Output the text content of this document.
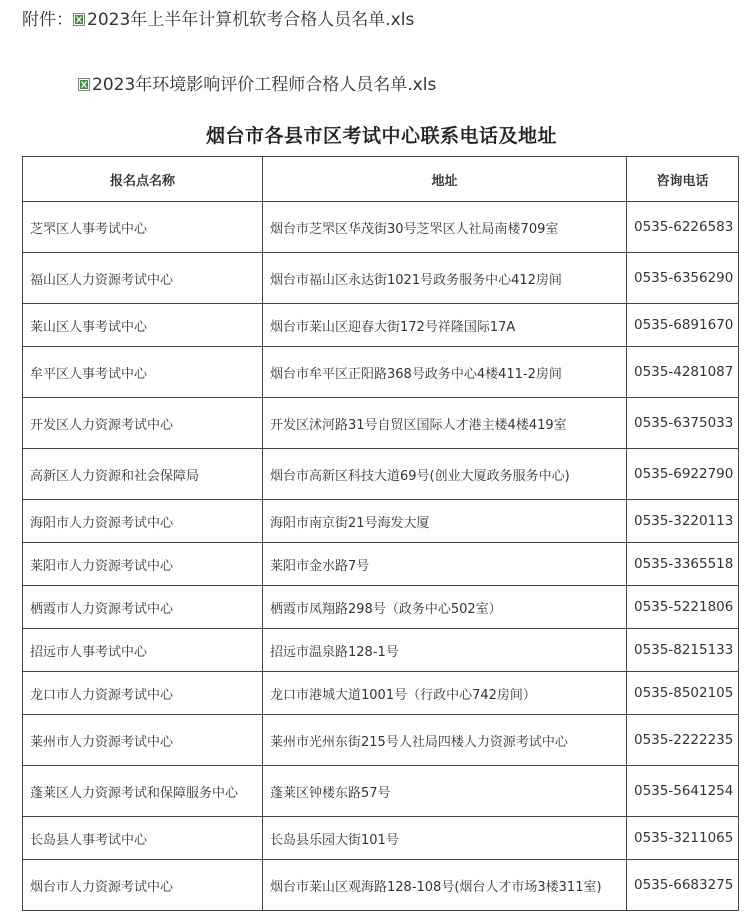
附件： 2023年上半年计算机软考合格人员名单.xls
2023年环境影响评价工程师合格人员名单.xls
烟台市各县市区考试中心联系电话及地址
报名点名称	地址	咨询电话
芝罘区人事考试中心	烟台市芝罘区华茂街30号芝罘区人社局南楼709室	0535-6226583
福山区人力资源考试中心	烟台市福山区永达街1021号政务服务中心412房间	0535-6356290
莱山区人事考试中心	烟台市莱山区迎春大街172号祥隆国际17A	0535-6891670
牟平区人事考试中心	烟台市牟平区正阳路368号政务中心4楼411-2房间	0535-4281087
开发区人力资源考试中心	开发区沭河路31号自贸区国际人才港主楼4楼419室	0535-6375033
高新区人力资源和社会保障局	烟台市高新区科技大道69号(创业大厦政务服务中心)	0535-6922790
海阳市人力资源考试中心	海阳市南京街21号海发大厦	0535-3220113
莱阳市人力资源考试中心	莱阳市金水路7号	0535-3365518
栖霞市人力资源考试中心	栖霞市凤翔路298号（政务中心502室）	0535-5221806
招远市人事考试中心	招远市温泉路128-1号	0535-8215133
龙口市人力资源考试中心	龙口市港城大道1001号（行政中心742房间）	0535-8502105
莱州市人力资源考试中心	莱州市光州东街215号人社局四楼人力资源考试中心	0535-2222235
蓬莱区人力资源考试和保障服务中心	蓬莱区钟楼东路57号	0535-5641254
长岛县人事考试中心	长岛县乐园大街101号	0535-3211065
烟台市人力资源考试中心	烟台市莱山区观海路128-108号(烟台人才市场3楼311室)	0535-6683275
